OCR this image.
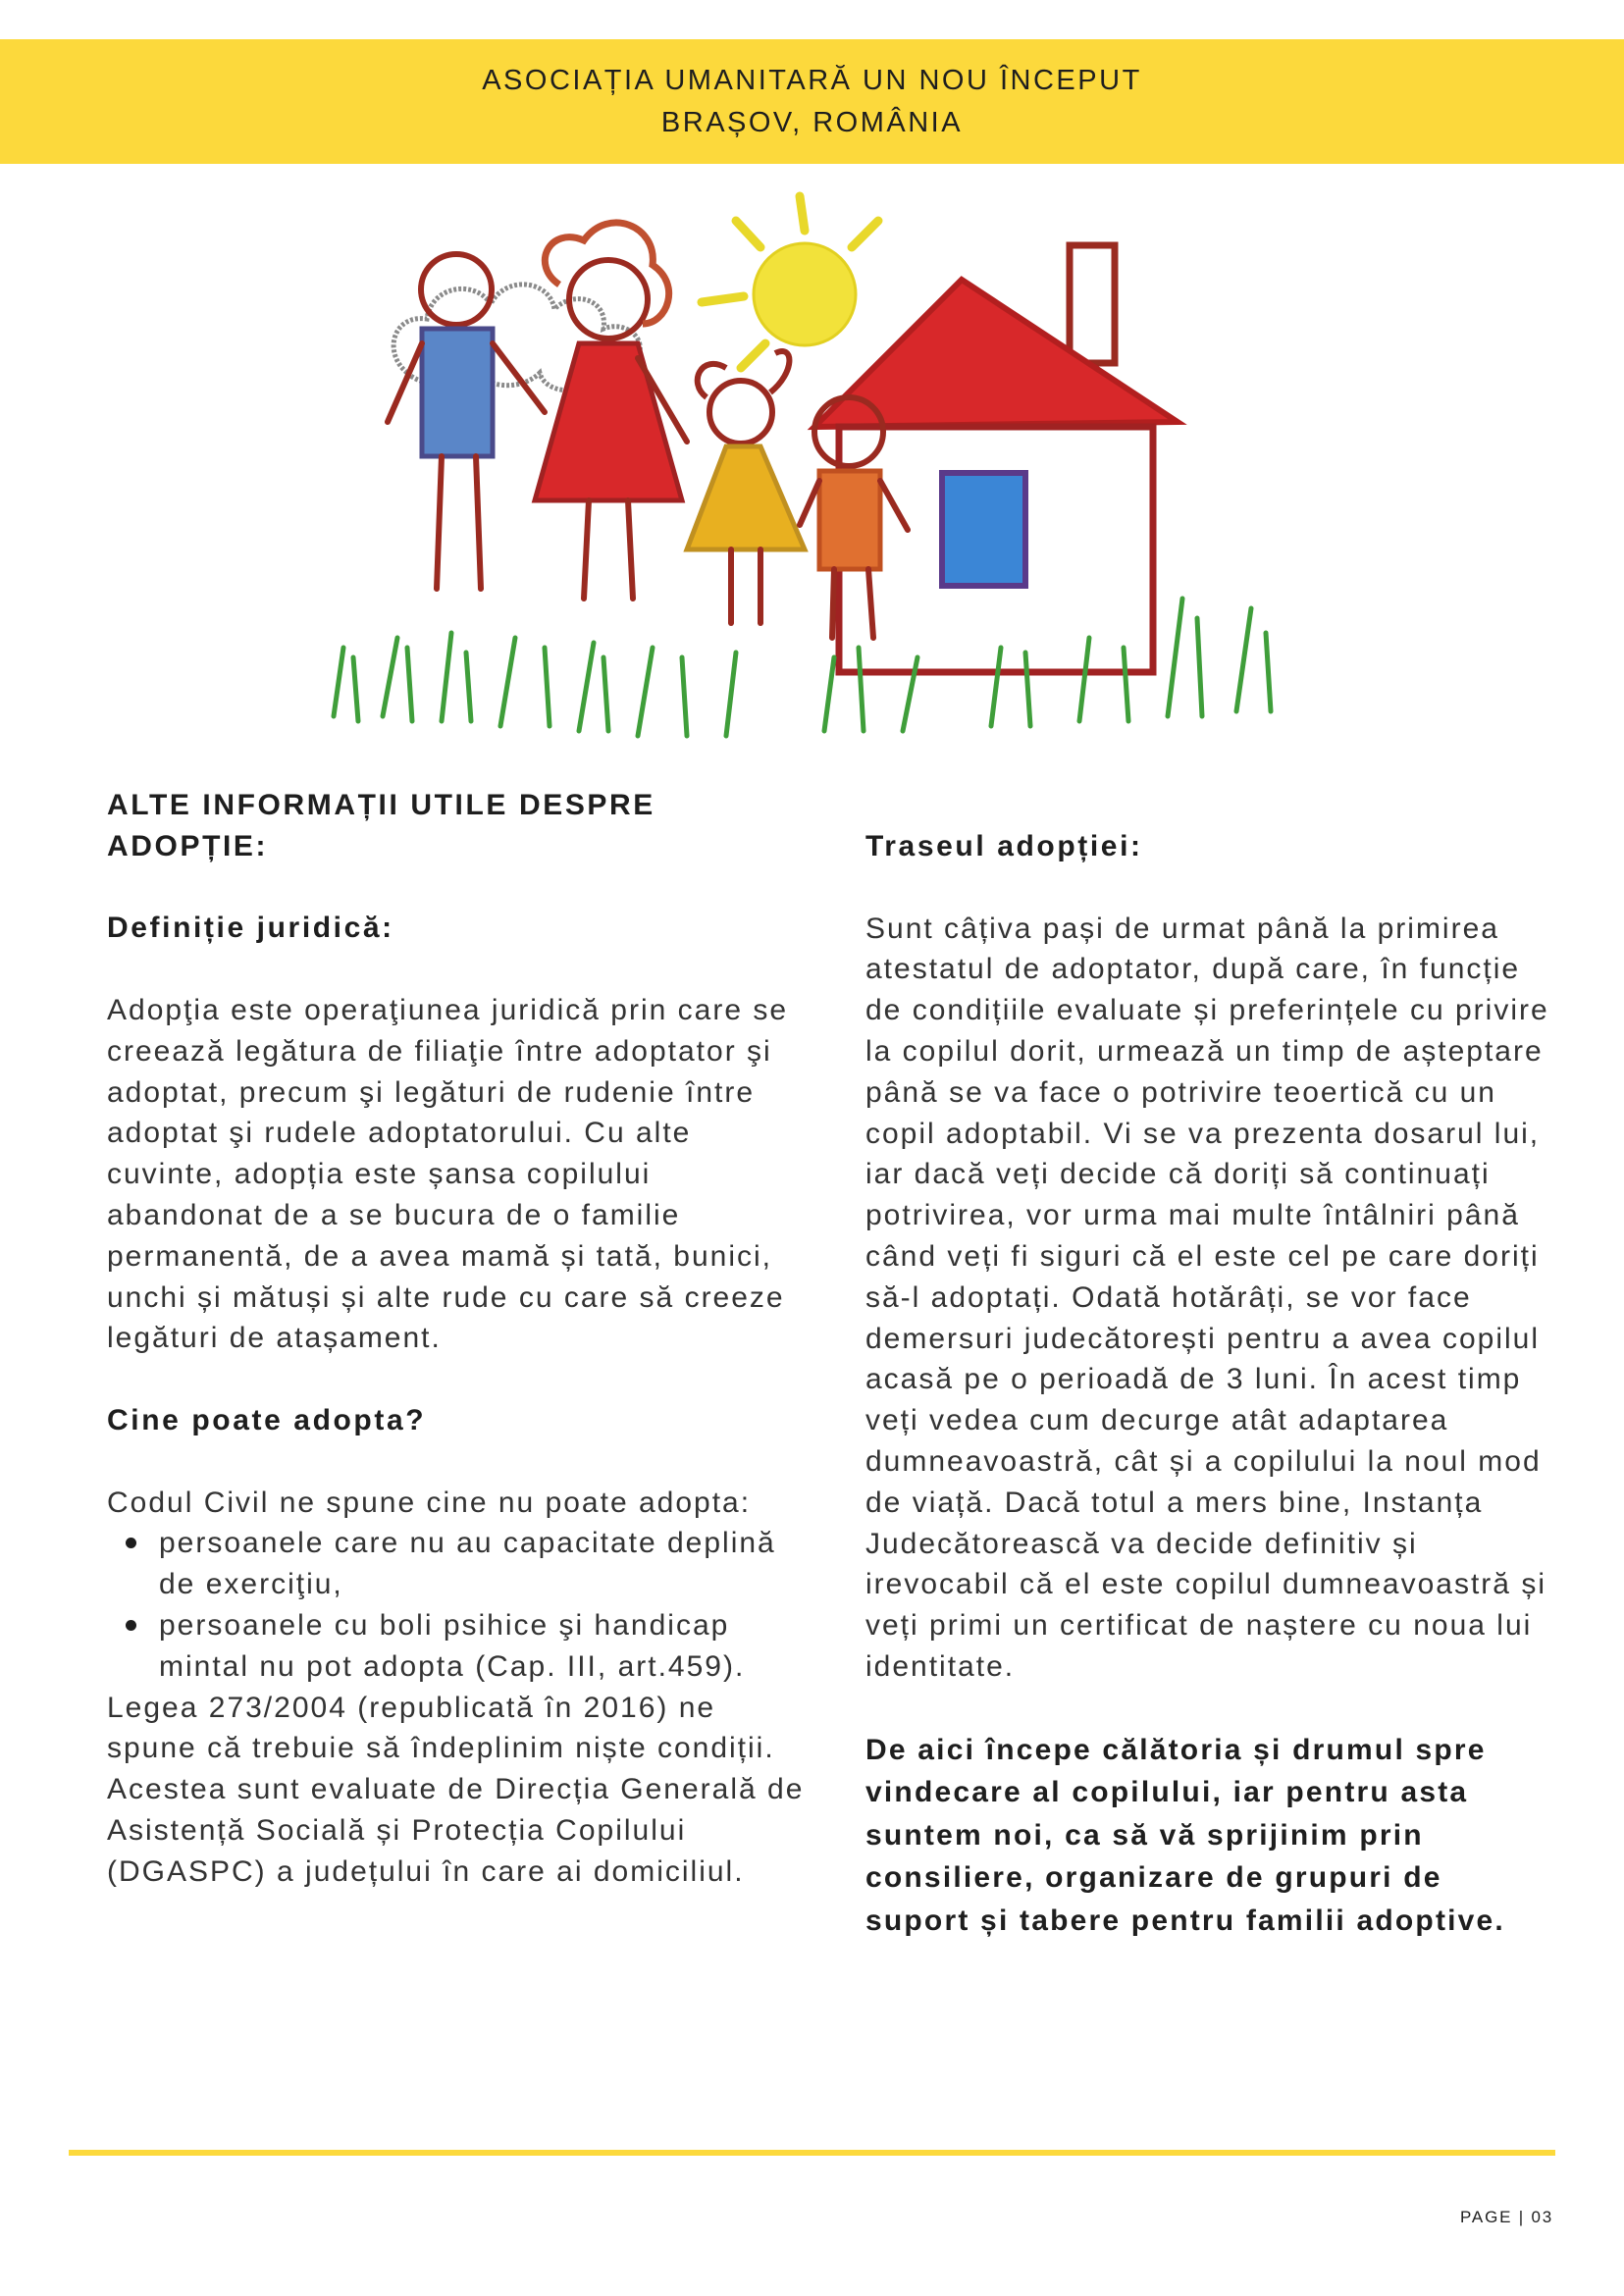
ASOCIAȚIA UMANITARĂ UN NOU ÎNCEPUT
BRAȘOV, ROMÂNIA

ALTE INFORMAȚII UTILE DESPRE ADOPȚIE:

Definiție juridică:

Adopţia este operaţiunea juridică prin care se creează legătura de filiaţie între adoptator şi adoptat, precum şi legături de rudenie între adoptat şi rudele adoptatorului. Cu alte cuvinte, adopția este șansa copilului abandonat de a se bucura de o familie permanentă, de a avea mamă și tată, bunici, unchi și mătuși și alte rude cu care să creeze legături de atașament.

Cine poate adopta?

Codul Civil ne spune cine nu poate adopta:

persoanele care nu au capacitate deplină de exerciţiu,
persoanele cu boli psihice şi handicap mintal nu pot adopta (Cap. III, art.459).

Legea 273/2004 (republicată în 2016) ne spune că trebuie să îndeplinim niște condiții. Acestea sunt evaluate de Direcția Generală de Asistență Socială și Protecția Copilului (DGASPC) a județului în care ai domiciliul.

Traseul adopției:

Sunt câțiva pași de urmat până la primirea atestatul de adoptator, după care, în funcție de condițiile evaluate și preferințele cu privire la copilul dorit, urmează un timp de așteptare până se va face o potrivire teoertică cu un copil adoptabil. Vi se va prezenta dosarul lui, iar dacă veți decide că doriți să continuați potrivirea, vor urma mai multe întâlniri până când veți fi siguri că el este cel pe care doriți să-l adoptați. Odată hotărâți, se vor face demersuri judecătorești pentru a avea copilul acasă pe o perioadă de 3 luni. În acest timp veți vedea cum decurge atât adaptarea dumneavoastră, cât și a copilului la noul mod de viață. Dacă totul a mers bine, Instanța Judecătorească va decide definitiv și irevocabil că el este copilul dumneavoastră și veți primi un certificat de naștere cu noua lui identitate.

De aici începe călătoria și drumul spre vindecare al copilului, iar pentru asta suntem noi, ca să vă sprijinim prin consiliere, organizare de grupuri de suport și tabere pentru familii adoptive.

PAGE | 03
